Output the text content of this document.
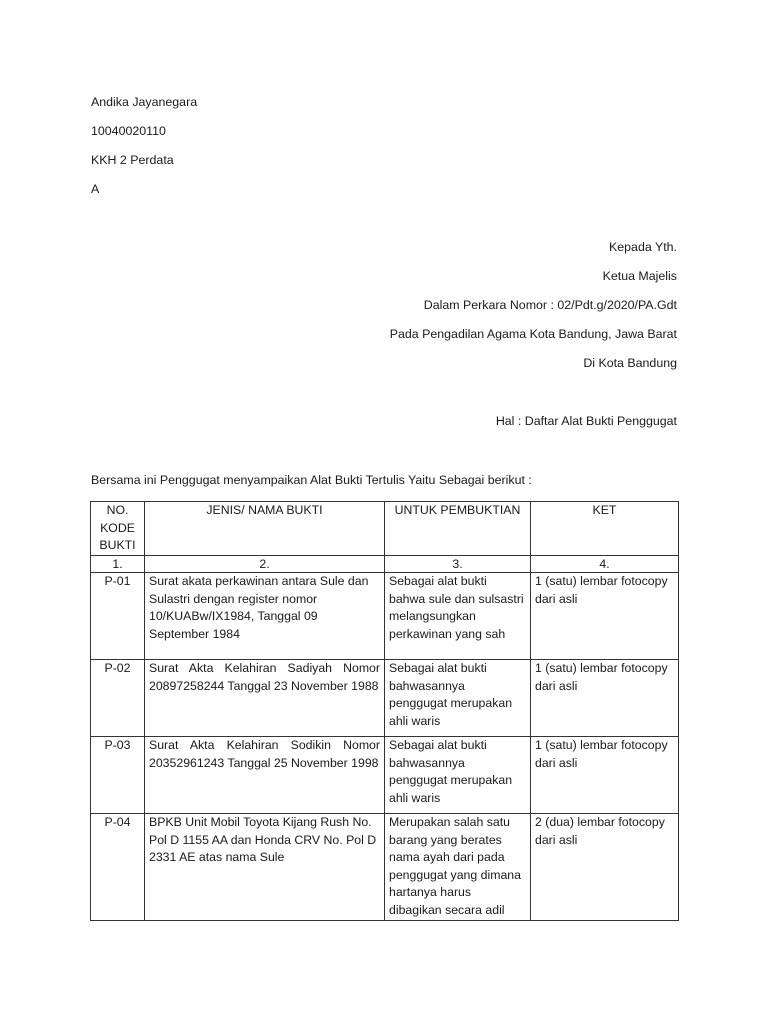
Andika Jayanegara
10040020110
KKH 2 Perdata
A
Kepada Yth.
Ketua Majelis
Dalam Perkara Nomor : 02/Pdt.g/2020/PA.Gdt
Pada Pengadilan Agama Kota Bandung, Jawa Barat
Di Kota Bandung
Hal : Daftar Alat Bukti Penggugat
Bersama ini Penggugat menyampaikan Alat Bukti Tertulis Yaitu Sebagai berikut :
NO. KODE BUKTI	JENIS/ NAMA BUKTI	UNTUK PEMBUKTIAN	KET
1.	2.	3.	4.
P-01	Surat akata perkawinan antara Sule dan Sulastri dengan register nomor 10/KUABw/IX1984, Tanggal 09 September 1984	Sebagai alat bukti bahwa sule dan sulsastri melangsungkan perkawinan yang sah	1 (satu) lembar fotocopy dari asli
P-02	Surat Akta Kelahiran Sadiyah Nomor 20897258244 Tanggal 23 November 1988	Sebagai alat bukti bahwasannya penggugat merupakan ahli waris	1 (satu) lembar fotocopy dari asli
P-03	Surat Akta Kelahiran Sodikin Nomor 20352961243 Tanggal 25 November 1998	Sebagai alat bukti bahwasannya penggugat merupakan ahli waris	1 (satu) lembar fotocopy dari asli
P-04	BPKB Unit Mobil Toyota Kijang Rush No. Pol D 1155 AA dan Honda CRV No. Pol D 2331 AE atas nama Sule	Merupakan salah satu barang yang berates nama ayah dari pada penggugat yang dimana hartanya harus dibagikan secara adil	2 (dua) lembar fotocopy dari asli
